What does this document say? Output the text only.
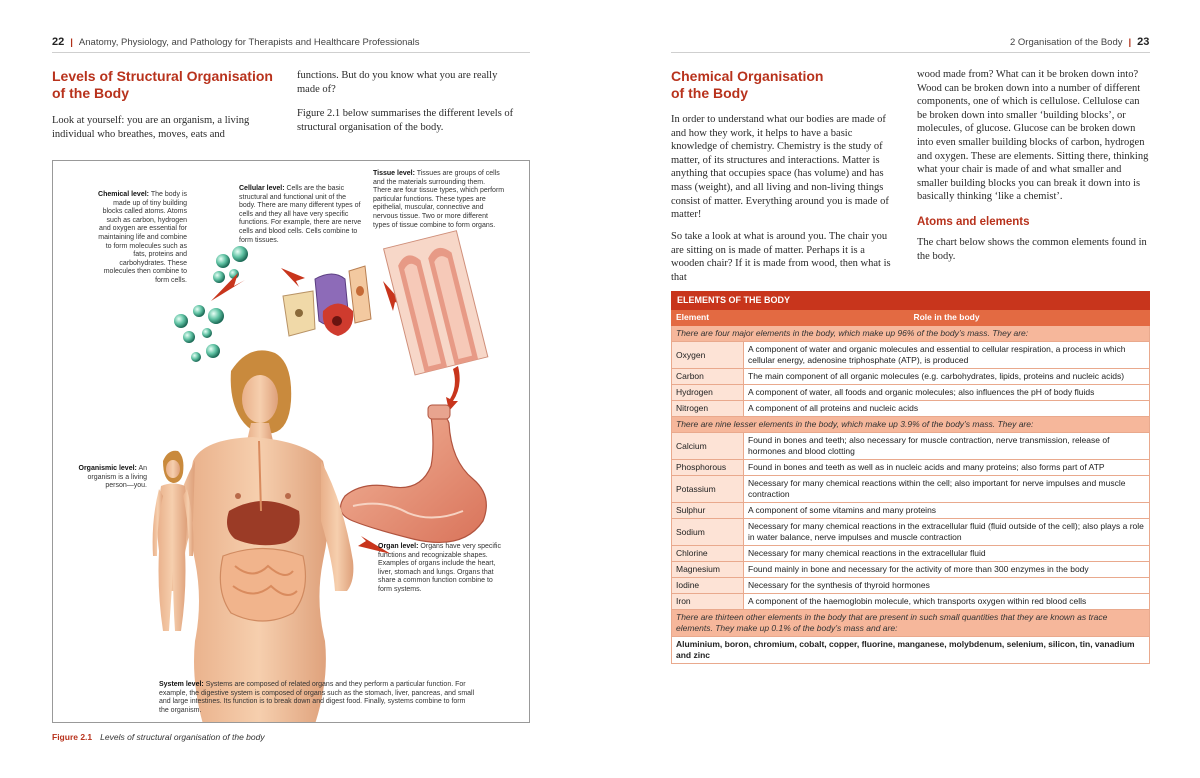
22 | Anatomy, Physiology, and Pathology for Therapists and Healthcare Professionals
Levels of Structural Organisation
of the Body

Look at yourself: you are an organism, a living individual who breathes, moves, eats and

functions. But do you know what you are really made of?

Figure 2.1 below summarises the different levels of structural organisation of the body.

Chemical level: The body is made up of tiny building blocks called atoms. Atoms such as carbon, hydrogen and oxygen are essential for maintaining life and combine to form molecules such as fats, proteins and carbohydrates. These molecules then combine to form cells.
Cellular level: Cells are the basic structural and functional unit of the body. There are many different types of cells and they all have very specific functions. For example, there are nerve cells and blood cells. Cells combine to form tissues.
Tissue level: Tissues are groups of cells and the materials surrounding them. There are four tissue types, which perform particular functions. These types are epithelial, muscular, connective and nervous tissue. Two or more different types of tissue combine to form organs.
Organismic level: An organism is a living person—you.
Organ level: Organs have very specific functions and recognizable shapes. Examples of organs include the heart, liver, stomach and lungs. Organs that share a common function combine to form systems.
System level: Systems are composed of related organs and they perform a particular function. For example, the digestive system is composed of organs such as the stomach, liver, pancreas, and small and large intestines. Its function is to break down and digest food. Finally, systems combine to form the organism.
Figure 2.1 Levels of structural organisation of the body
2 Organisation of the Body | 23
Chemical Organisation
of the Body

In order to understand what our bodies are made of and how they work, it helps to have a basic knowledge of chemistry. Chemistry is the study of matter, of its structures and interactions. Matter is anything that occupies space (has volume) and has mass (weight), and all living and non-living things consist of matter. Everything around you is made of matter!

So take a look at what is around you. The chair you are sitting on is made of matter. Perhaps it is a wooden chair? If it is made from wood, then what is that

wood made from? What can it be broken down into? Wood can be broken down into a number of different components, one of which is cellulose. Cellulose can be broken down into smaller ‘building blocks’, or molecules, of glucose. Glucose can be broken down into even smaller building blocks of carbon, hydrogen and oxygen. These are elements. Sitting there, thinking what your chair is made of and what smaller and smaller building blocks you can break it down into is basically thinking ‘like a chemist’.

Atoms and elements

The chart below shows the common elements found in the body.

ELEMENTS OF THE BODY	
Element	Role in the body
There are four major elements in the body, which make up 96% of the body’s mass. They are:	
Oxygen	A component of water and organic molecules and essential to cellular respiration, a process in which cellular energy, adenosine triphosphate (ATP), is produced
Carbon	The main component of all organic molecules (e.g. carbohydrates, lipids, proteins and nucleic acids)
Hydrogen	A component of water, all foods and organic molecules; also influences the pH of body fluids
Nitrogen	A component of all proteins and nucleic acids
There are nine lesser elements in the body, which make up 3.9% of the body’s mass. They are:	
Calcium	Found in bones and teeth; also necessary for muscle contraction, nerve transmission, release of hormones and blood clotting
Phosphorous	Found in bones and teeth as well as in nucleic acids and many proteins; also forms part of ATP
Potassium	Necessary for many chemical reactions within the cell; also important for nerve impulses and muscle contraction
Sulphur	A component of some vitamins and many proteins
Sodium	Necessary for many chemical reactions in the extracellular fluid (fluid outside of the cell); also plays a role in water balance, nerve impulses and muscle contraction
Chlorine	Necessary for many chemical reactions in the extracellular fluid
Magnesium	Found mainly in bone and necessary for the activity of more than 300 enzymes in the body
Iodine	Necessary for the synthesis of thyroid hormones
Iron	A component of the haemoglobin molecule, which transports oxygen within red blood cells
There are thirteen other elements in the body that are present in such small quantities that they are known as trace elements. They make up 0.1% of the body’s mass and are:	
Aluminium, boron, chromium, cobalt, copper, fluorine, manganese, molybdenum, selenium, silicon, tin, vanadium and zinc	
